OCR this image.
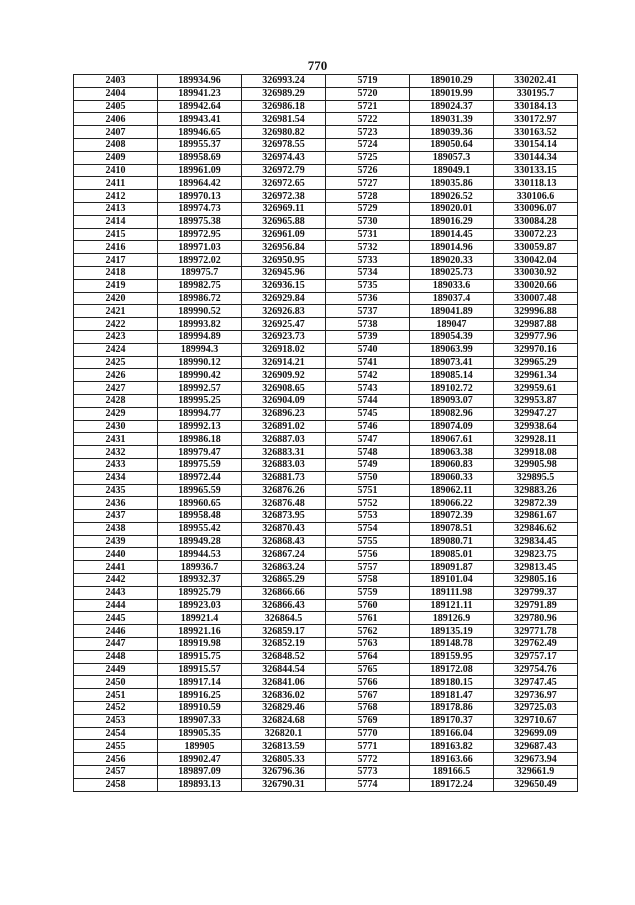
770
2403	189934.96	326993.24	5719	189010.29	330202.41
2404	189941.23	326989.29	5720	189019.99	330195.7
2405	189942.64	326986.18	5721	189024.37	330184.13
2406	189943.41	326981.54	5722	189031.39	330172.97
2407	189946.65	326980.82	5723	189039.36	330163.52
2408	189955.37	326978.55	5724	189050.64	330154.14
2409	189958.69	326974.43	5725	189057.3	330144.34
2410	189961.09	326972.79	5726	189049.1	330133.15
2411	189964.42	326972.65	5727	189035.86	330118.13
2412	189970.13	326972.38	5728	189026.52	330106.6
2413	189974.73	326969.11	5729	189020.01	330096.07
2414	189975.38	326965.88	5730	189016.29	330084.28
2415	189972.95	326961.09	5731	189014.45	330072.23
2416	189971.03	326956.84	5732	189014.96	330059.87
2417	189972.02	326950.95	5733	189020.33	330042.04
2418	189975.7	326945.96	5734	189025.73	330030.92
2419	189982.75	326936.15	5735	189033.6	330020.66
2420	189986.72	326929.84	5736	189037.4	330007.48
2421	189990.52	326926.83	5737	189041.89	329996.88
2422	189993.82	326925.47	5738	189047	329987.88
2423	189994.89	326923.73	5739	189054.39	329977.96
2424	189994.3	326918.02	5740	189063.99	329970.16
2425	189990.12	326914.21	5741	189073.41	329965.29
2426	189990.42	326909.92	5742	189085.14	329961.34
2427	189992.57	326908.65	5743	189102.72	329959.61
2428	189995.25	326904.09	5744	189093.07	329953.87
2429	189994.77	326896.23	5745	189082.96	329947.27
2430	189992.13	326891.02	5746	189074.09	329938.64
2431	189986.18	326887.03	5747	189067.61	329928.11
2432	189979.47	326883.31	5748	189063.38	329918.08
2433	189975.59	326883.03	5749	189060.83	329905.98
2434	189972.44	326881.73	5750	189060.33	329895.5
2435	189965.59	326876.26	5751	189062.11	329883.26
2436	189960.65	326876.48	5752	189066.22	329872.39
2437	189958.48	326873.95	5753	189072.39	329861.67
2438	189955.42	326870.43	5754	189078.51	329846.62
2439	189949.28	326868.43	5755	189080.71	329834.45
2440	189944.53	326867.24	5756	189085.01	329823.75
2441	189936.7	326863.24	5757	189091.87	329813.45
2442	189932.37	326865.29	5758	189101.04	329805.16
2443	189925.79	326866.66	5759	189111.98	329799.37
2444	189923.03	326866.43	5760	189121.11	329791.89
2445	189921.4	326864.5	5761	189126.9	329780.96
2446	189921.16	326859.17	5762	189135.19	329771.78
2447	189919.98	326852.19	5763	189148.78	329762.49
2448	189915.75	326848.52	5764	189159.95	329757.17
2449	189915.57	326844.54	5765	189172.08	329754.76
2450	189917.14	326841.06	5766	189180.15	329747.45
2451	189916.25	326836.02	5767	189181.47	329736.97
2452	189910.59	326829.46	5768	189178.86	329725.03
2453	189907.33	326824.68	5769	189170.37	329710.67
2454	189905.35	326820.1	5770	189166.04	329699.09
2455	189905	326813.59	5771	189163.82	329687.43
2456	189902.47	326805.33	5772	189163.66	329673.94
2457	189897.09	326796.36	5773	189166.5	329661.9
2458	189893.13	326790.31	5774	189172.24	329650.49
